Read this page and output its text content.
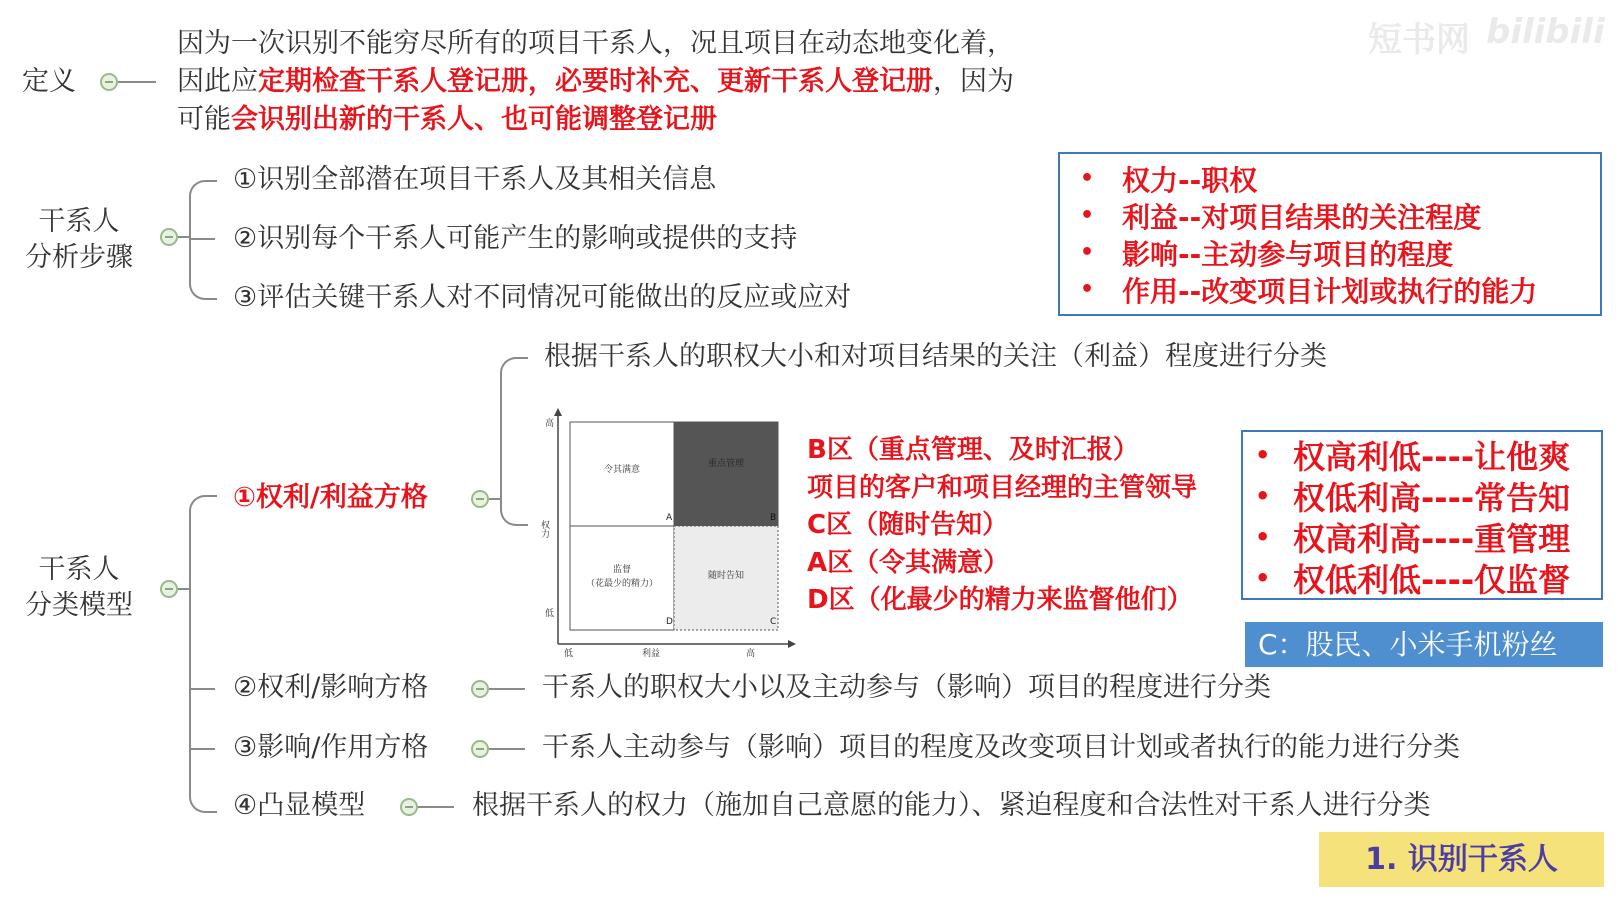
短书网 bilibili
定义
因为一次识别不能穷尽所有的项目干系人，况且项目在动态地变化着，
因此应定期检查干系人登记册，必要时补充、更新干系人登记册，因为
可能会识别出新的干系人、也可能调整登记册
干系人
分析步骤
①识别全部潜在项目干系人及其相关信息
②识别每个干系人可能产生的影响或提供的支持
③评估关键干系人对不同情况可能做出的反应或应对
• 权力--职权
• 利益--对项目结果的关注程度
• 影响--主动参与项目的程度
• 作用--改变项目计划或执行的能力
干系人
分类模型
①权利/利益方格
根据干系人的职权大小和对项目结果的关注（利益）程度进行分类
令其满意
重点管理
监督
（花最少的精力）
随时告知
A	B
D	C
高
权力
低
低	利益	高
B区（重点管理、及时汇报）
项目的客户和项目经理的主管领导
C区（随时告知）
A区（令其满意）
D区（化最少的精力来监督他们）
• 权高利低----让他爽
• 权低利高----常告知
• 权高利高----重管理
• 权低利低----仅监督
C：股民、小米手机粉丝
②权利/影响方格	干系人的职权大小以及主动参与（影响）项目的程度进行分类
③影响/作用方格	干系人主动参与（影响）项目的程度及改变项目计划或者执行的能力进行分类
④凸显模型	根据干系人的权力（施加自己意愿的能力）、紧迫程度和合法性对干系人进行分类
1. 识别干系人
